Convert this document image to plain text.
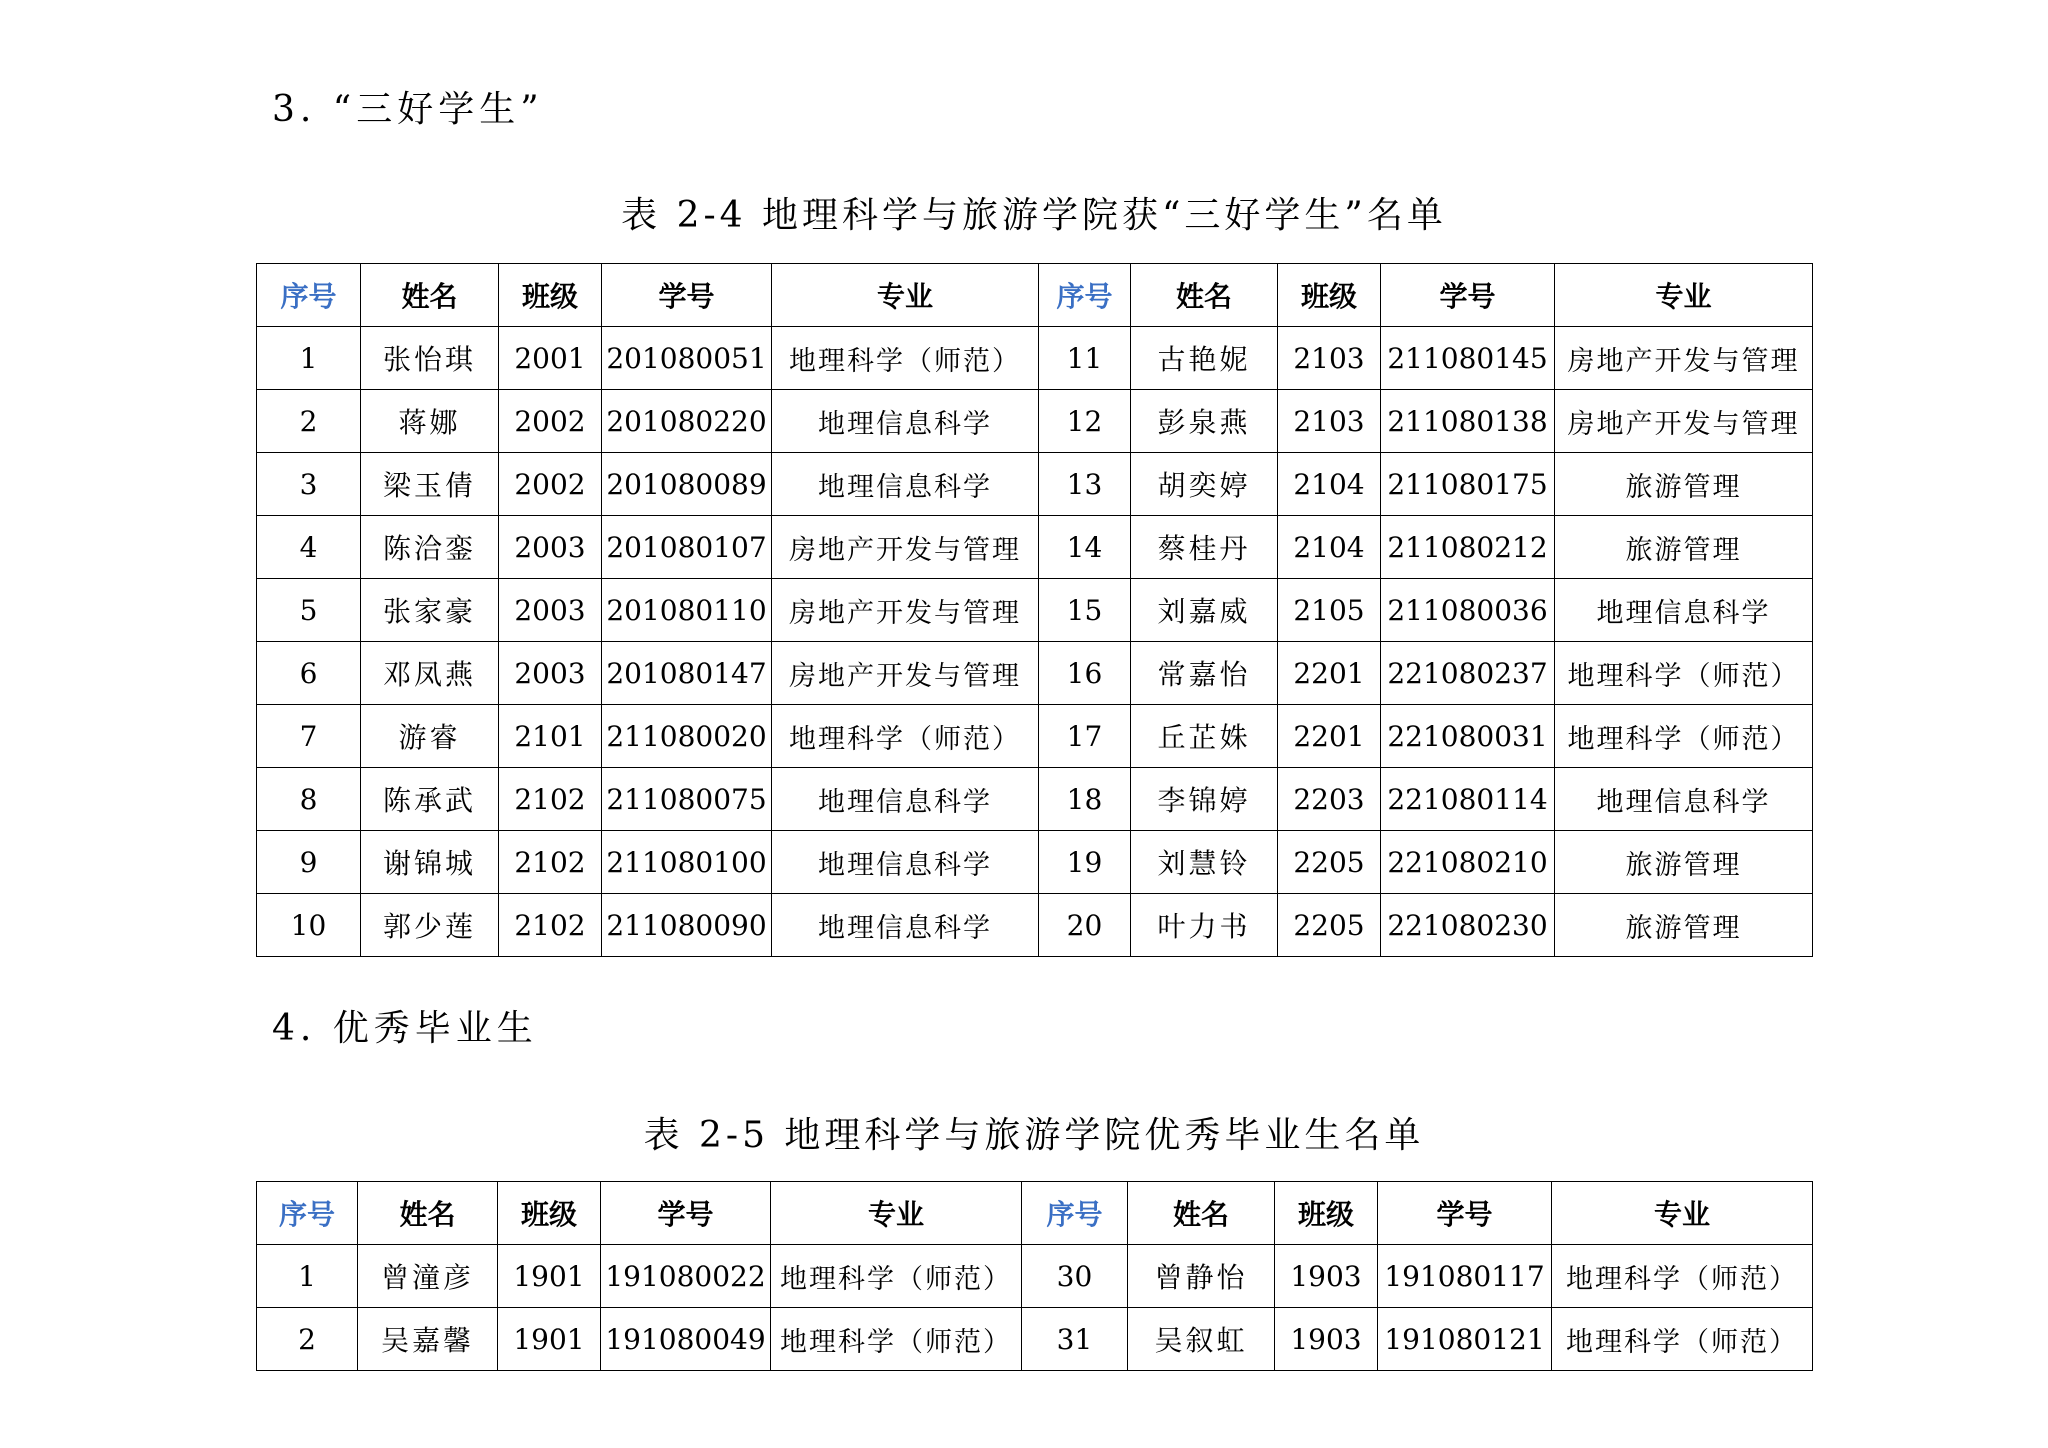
3. “三好学生”
表 2-4 地理科学与旅游学院获“三好学生”名单
序号	姓名	班级	学号	专业	序号	姓名	班级	学号	专业
1	张怡琪	2001	201080051	地理科学（师范）	11	古艳妮	2103	211080145	房地产开发与管理
2	蒋娜	2002	201080220	地理信息科学	12	彭泉燕	2103	211080138	房地产开发与管理
3	梁玉倩	2002	201080089	地理信息科学	13	胡奕婷	2104	211080175	旅游管理
4	陈洽銮	2003	201080107	房地产开发与管理	14	蔡桂丹	2104	211080212	旅游管理
5	张家豪	2003	201080110	房地产开发与管理	15	刘嘉威	2105	211080036	地理信息科学
6	邓凤燕	2003	201080147	房地产开发与管理	16	常嘉怡	2201	221080237	地理科学（师范）
7	游睿	2101	211080020	地理科学（师范）	17	丘芷姝	2201	221080031	地理科学（师范）
8	陈承武	2102	211080075	地理信息科学	18	李锦婷	2203	221080114	地理信息科学
9	谢锦城	2102	211080100	地理信息科学	19	刘慧铃	2205	221080210	旅游管理
10	郭少莲	2102	211080090	地理信息科学	20	叶力书	2205	221080230	旅游管理
4. 优秀毕业生
表 2-5 地理科学与旅游学院优秀毕业生名单
序号	姓名	班级	学号	专业	序号	姓名	班级	学号	专业
1	曾潼彦	1901	191080022	地理科学（师范）	30	曾静怡	1903	191080117	地理科学（师范）
2	吴嘉馨	1901	191080049	地理科学（师范）	31	吴叙虹	1903	191080121	地理科学（师范）
